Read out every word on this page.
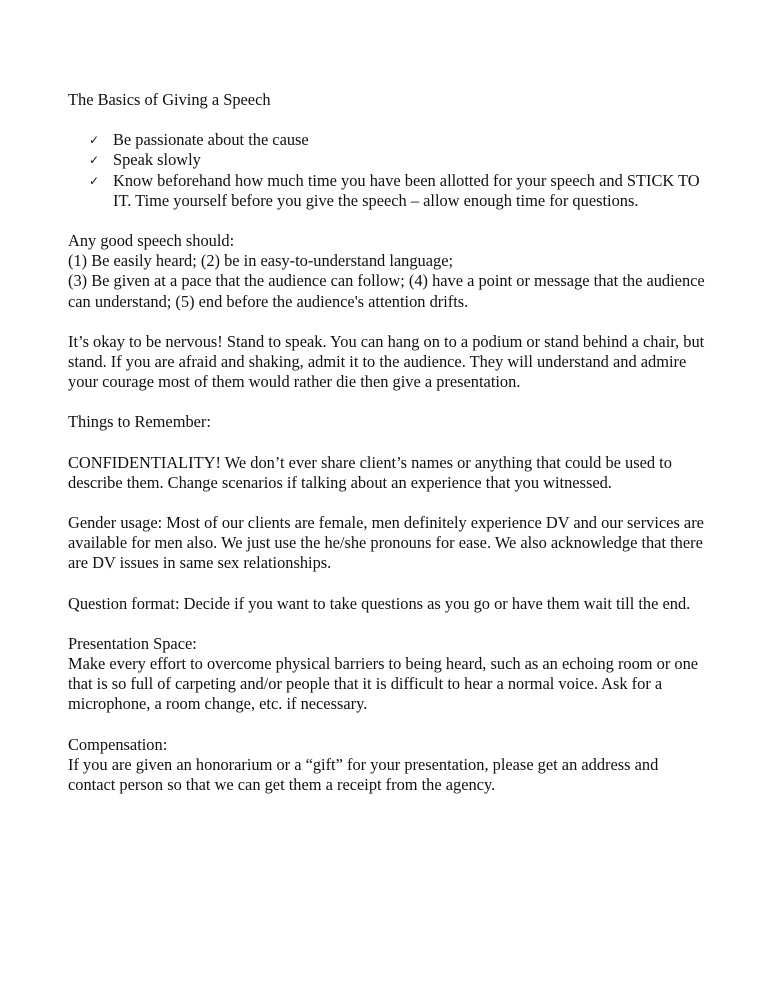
The Basics of Giving a Speech

✓ Be passionate about the cause
✓ Speak slowly
✓ Know beforehand how much time you have been allotted for your speech and STICK TO IT. Time yourself before you give the speech – allow enough time for questions.

Any good speech should:
(1) Be easily heard; (2) be in easy-to-understand language;
(3) Be given at a pace that the audience can follow; (4) have a point or message that the audience can understand; (5) end before the audience's attention drifts.

It’s okay to be nervous! Stand to speak. You can hang on to a podium or stand behind a chair, but stand. If you are afraid and shaking, admit it to the audience. They will understand and admire your courage most of them would rather die then give a presentation.

Things to Remember:

CONFIDENTIALITY! We don’t ever share client’s names or anything that could be used to describe them. Change scenarios if talking about an experience that you witnessed.

Gender usage: Most of our clients are female, men definitely experience DV and our services are available for men also. We just use the he/she pronouns for ease. We also acknowledge that there are DV issues in same sex relationships.

Question format: Decide if you want to take questions as you go or have them wait till the end.

Presentation Space:
Make every effort to overcome physical barriers to being heard, such as an echoing room or one that is so full of carpeting and/or people that it is difficult to hear a normal voice. Ask for a microphone, a room change, etc. if necessary.

Compensation:
If you are given an honorarium or a “gift” for your presentation, please get an address and contact person so that we can get them a receipt from the agency.
